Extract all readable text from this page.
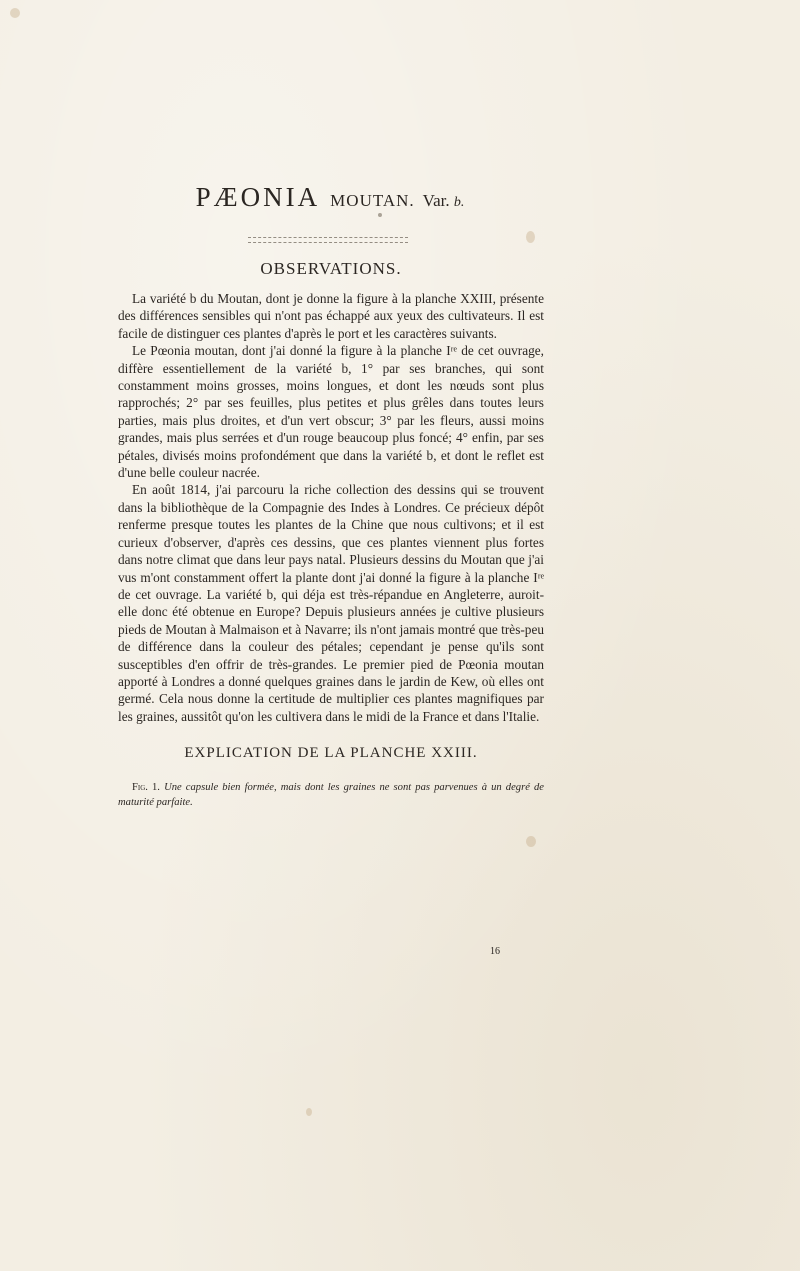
PÆONIA MOUTAN. Var. b.
OBSERVATIONS.

La variété b du Moutan, dont je donne la figure à la planche XXIII, présente des différences sensibles qui n'ont pas échappé aux yeux des cultivateurs. Il est facile de distinguer ces plantes d'après le port et les caractères suivants.

Le Pœonia moutan, dont j'ai donné la figure à la planche Iʳᵉ de cet ouvrage, diffère essentiellement de la variété b, 1° par ses branches, qui sont constamment moins grosses, moins longues, et dont les nœuds sont plus rapprochés; 2° par ses feuilles, plus petites et plus grêles dans toutes leurs parties, mais plus droites, et d'un vert obscur; 3° par les fleurs, aussi moins grandes, mais plus serrées et d'un rouge beaucoup plus foncé; 4° enfin, par ses pétales, divisés moins profondément que dans la variété b, et dont le reflet est d'une belle couleur nacrée.

En août 1814, j'ai parcouru la riche collection des dessins qui se trouvent dans la bibliothèque de la Compagnie des Indes à Londres. Ce précieux dépôt renferme presque toutes les plantes de la Chine que nous cultivons; et il est curieux d'observer, d'après ces dessins, que ces plantes viennent plus fortes dans notre climat que dans leur pays natal. Plusieurs dessins du Moutan que j'ai vus m'ont constamment offert la plante dont j'ai donné la figure à la planche Iʳᵉ de cet ouvrage. La variété b, qui déja est très-répandue en Angleterre, auroit-elle donc été obtenue en Europe? Depuis plusieurs années je cultive plusieurs pieds de Moutan à Malmaison et à Navarre; ils n'ont jamais montré que très-peu de différence dans la couleur des pétales; cependant je pense qu'ils sont susceptibles d'en offrir de très-grandes. Le premier pied de Pœonia moutan apporté à Londres a donné quelques graines dans le jardin de Kew, où elles ont germé. Cela nous donne la certitude de multiplier ces plantes magnifiques par les graines, aussitôt qu'on les cultivera dans le midi de la France et dans l'Italie.

EXPLICATION DE LA PLANCHE XXIII.
Fig. 1. Une capsule bien formée, mais dont les graines ne sont pas parvenues à un degré de maturité parfaite.
16
